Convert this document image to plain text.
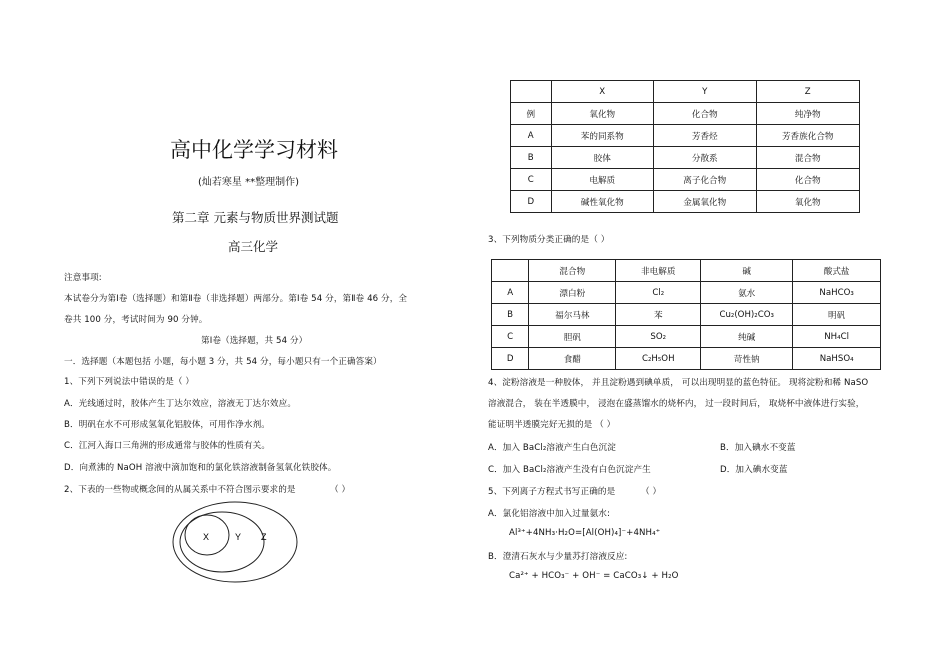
高中化学学习材料
(灿若寒星 **整理制作)
第二章 元素与物质世界测试题
高三化学
注意事项:
本试卷分为第Ⅰ卷（选择题）和第Ⅱ卷（非选择题）两部分。第Ⅰ卷 54 分，第Ⅱ卷 46 分，全
卷共 100 分，考试时间为 90 分钟。
第Ⅰ卷（选择题，共 54 分）
一．选择题（本题包括 小题，每小题 3 分，共 54 分，每小题只有一个正确答案）
1、下列下列说法中错误的是（ ）
A．光线通过时，胶体产生丁达尔效应，溶液无丁达尔效应。
B．明矾在水不可形成氢氧化铝胶体，可用作净水剂。
C．江河入海口三角洲的形成通常与胶体的性质有关。
D．向煮沸的 NaOH 溶液中滴加饱和的氯化铁溶液制备氢氧化铁胶体。
2、下表的一些物或概念间的从属关系中不符合图示要求的是	（ ）
X	Y Z
	X	Y	Z
例	氧化物	化合物	纯净物
A	苯的同系物	芳香烃	芳香族化合物
B	胶体	分散系	混合物
C	电解质	离子化合物	化合物
D	碱性氧化物	金属氧化物	氧化物
3、下列物质分类正确的是（ ）
	混合物	非电解质	碱	酸式盐
A	漂白粉	Cl₂	氨水	NaHCO₃
B	福尔马林	苯	Cu₂(OH)₂CO₃	明矾
C	胆矾	SO₂	纯碱	NH₄Cl
D	食醋	C₂H₅OH	苛性钠	NaHSO₄
4、淀粉溶液是一种胶体， 并且淀粉遇到碘单质， 可以出现明显的蓝色特征。 现将淀粉和稀 NaSO
溶液混合， 装在半透膜中， 浸泡在盛蒸馏水的烧杯内， 过一段时间后， 取烧杯中液体进行实验，
能证明半透膜完好无损的是 （ ）
A．加入 BaCl₂溶液产生白色沉淀	B．加入碘水不变蓝
C．加入 BaCl₂溶液产生没有白色沉淀产生	D．加入碘水变蓝
5、下列离子方程式书写正确的是	（ ）
A．氯化铝溶液中加入过量氨水:
Al³⁺+4NH₃·H₂O=[Al(OH)₄]⁻+4NH₄⁺
B．澄清石灰水与少量苏打溶液反应:
Ca²⁺ + HCO₃⁻ + OH⁻ = CaCO₃↓ + H₂O
